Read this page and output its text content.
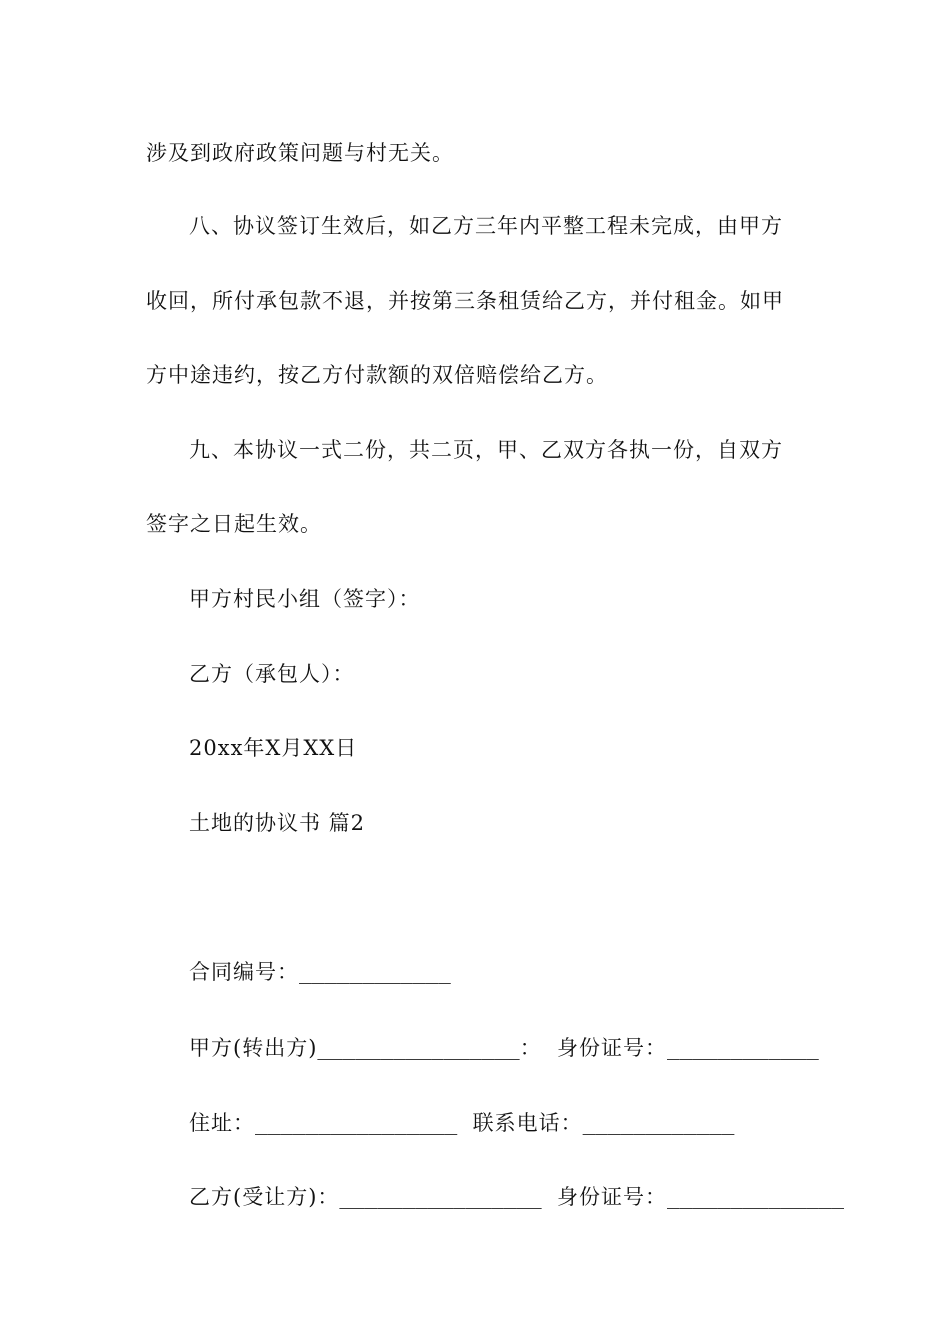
涉及到政府政策问题与村无关。
八、协议签订生效后，如乙方三年内平整工程未完成，由甲方
收回，所付承包款不退，并按第三条租赁给乙方，并付租金。如甲
方中途违约，按乙方付款额的双倍赔偿给乙方。
九、本协议一式二份，共二页，甲、乙双方各执一份，自双方
签字之日起生效。
甲方村民小组（签字）：
乙方（承包人）：
20xx年X月XX日
土地的协议书 篇2
合同编号：____________
甲方(转出方)________________： 身份证号：____________
住址：________________ 联系电话：____________
乙方(受让方)：________________ 身份证号：______________
